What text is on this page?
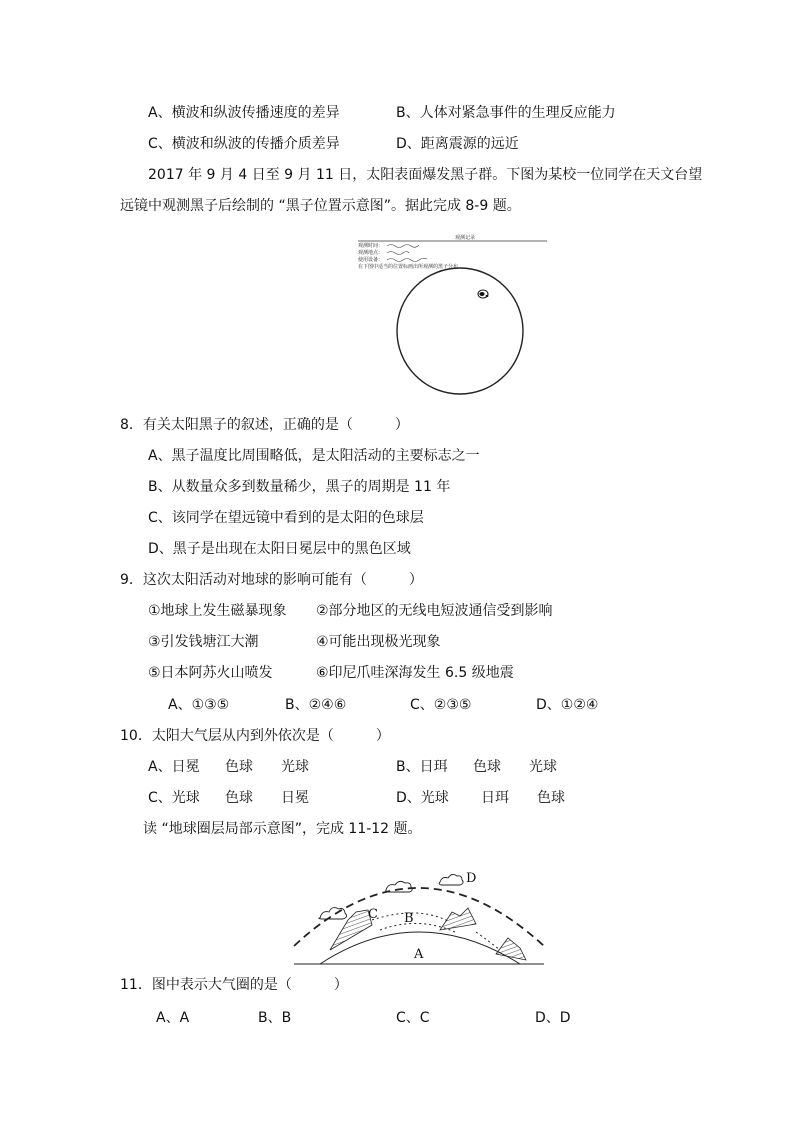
A、横波和纵波传播速度的差异	B、人体对紧急事件的生理反应能力
C、横波和纵波的传播介质差异	D、距离震源的远近
2017 年 9 月 4 日至 9 月 11 日，太阳表面爆发黑子群。下图为某校一位同学在天文台望
远镜中观测黑子后绘制的 “黑子位置示意图”。据此完成 8-9 题。
观测记录
观测时间：
观测地点：
使用设备：
在下图中适当的位置标画出所观测的黑子分布
8．有关太阳黑子的叙述，正确的是（　　　）
A、黑子温度比周围略低，是太阳活动的主要标志之一
B、从数量众多到数量稀少，黑子的周期是 11 年
C、该同学在望远镜中看到的是太阳的色球层
D、黑子是出现在太阳日冕层中的黑色区域
9．这次太阳活动对地球的影响可能有（　　　）
①地球上发生磁暴现象 ②部分地区的无线电短波通信受到影响
③引发钱塘江大潮	④可能出现极光现象
⑤日本阿苏火山喷发	⑥印尼爪哇深海发生 6.5 级地震
A、①③⑤	B、②④⑥	C、②③⑤	D、①②④
10．太阳大气层从内到外依次是（　　　）
A、日冕 色球 光球	B、日珥 色球 光球
C、光球 色球 日冕	D、光球 日珥 色球
读 “地球圈层局部示意图”，完成 11-12 题。
A
B
C
D
11．图中表示大气圈的是（　　　）
A、A	B、B	C、C	D、D
